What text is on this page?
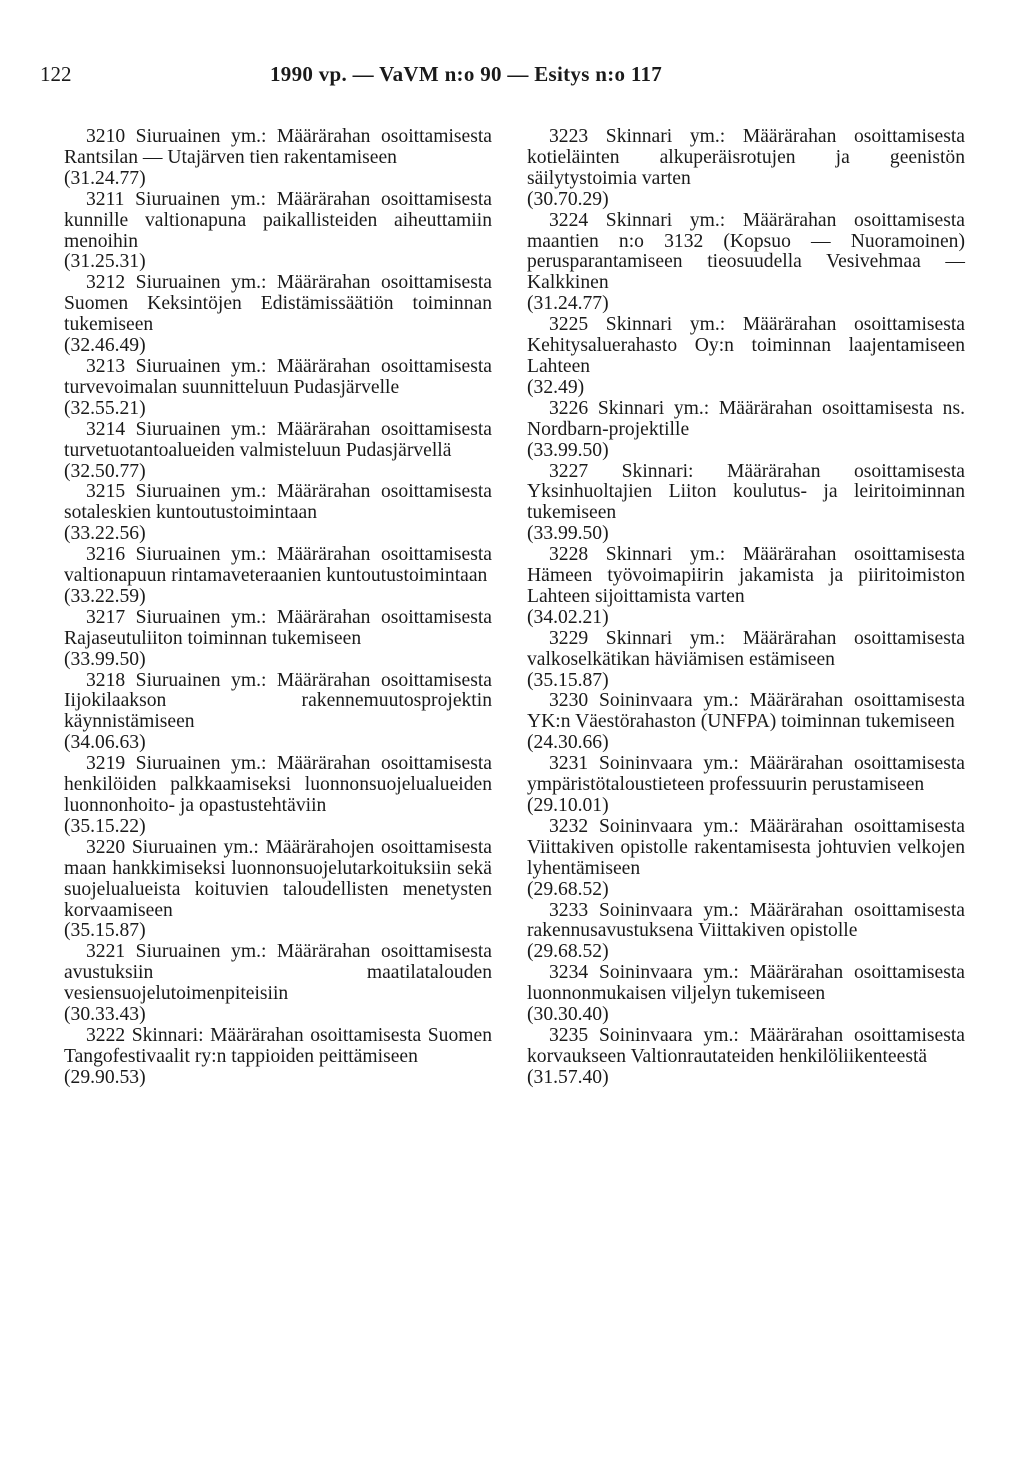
122	1990 vp. — VaVM n:o 90 — Esitys n:o 117
3210 Siuruainen ym.: Määrärahan osoittamisesta Rantsilan — Utajärven tien rakentamiseen
(31.24.77)
3211 Siuruainen ym.: Määrärahan osoittamisesta kunnille valtionapuna paikallisteiden aiheuttamiin menoihin
(31.25.31)
3212 Siuruainen ym.: Määrärahan osoittamisesta Suomen Keksintöjen Edistämissäätiön toiminnan tukemiseen
(32.46.49)
3213 Siuruainen ym.: Määrärahan osoittamisesta turvevoimalan suunnitteluun Pudasjärvelle
(32.55.21)
3214 Siuruainen ym.: Määrärahan osoittamisesta turvetuotantoalueiden valmisteluun Pudasjärvellä
(32.50.77)
3215 Siuruainen ym.: Määrärahan osoittamisesta sotaleskien kuntoutustoimintaan
(33.22.56)
3216 Siuruainen ym.: Määrärahan osoittamisesta valtionapuun rintamaveteraanien kuntoutustoimintaan
(33.22.59)
3217 Siuruainen ym.: Määrärahan osoittamisesta Rajaseutuliiton toiminnan tukemiseen
(33.99.50)
3218 Siuruainen ym.: Määrärahan osoittamisesta Iijokilaakson rakennemuutosprojektin käynnistämiseen
(34.06.63)
3219 Siuruainen ym.: Määrärahan osoittamisesta henkilöiden palkkaamiseksi luonnonsuojelualueiden luonnonhoito- ja opastustehtäviin
(35.15.22)
3220 Siuruainen ym.: Määrärahojen osoittamisesta maan hankkimiseksi luonnonsuojelutarkoituksiin sekä suojelualueista koituvien taloudellisten menetysten korvaamiseen
(35.15.87)
3221 Siuruainen ym.: Määrärahan osoittamisesta avustuksiin maatilatalouden vesiensuojelutoimenpiteisiin
(30.33.43)
3222 Skinnari: Määrärahan osoittamisesta Suomen Tangofestivaalit ry:n tappioiden peittämiseen
(29.90.53)
3223 Skinnari ym.: Määrärahan osoittamisesta kotieläinten alkuperäisrotujen ja geenistön säilytystoimia varten
(30.70.29)
3224 Skinnari ym.: Määrärahan osoittamisesta maantien n:o 3132 (Kopsuo — Nuoramoinen) perusparantamiseen tieosuudella Vesivehmaa — Kalkkinen
(31.24.77)
3225 Skinnari ym.: Määrärahan osoittamisesta Kehitysaluerahasto Oy:n toiminnan laajentamiseen Lahteen
(32.49)
3226 Skinnari ym.: Määrärahan osoittamisesta ns. Nordbarn-projektille
(33.99.50)
3227 Skinnari: Määrärahan osoittamisesta Yksinhuoltajien Liiton koulutus- ja leiritoiminnan tukemiseen
(33.99.50)
3228 Skinnari ym.: Määrärahan osoittamisesta Hämeen työvoimapiirin jakamista ja piiritoimiston Lahteen sijoittamista varten
(34.02.21)
3229 Skinnari ym.: Määrärahan osoittamisesta valkoselkätikan häviämisen estämiseen
(35.15.87)
3230 Soininvaara ym.: Määrärahan osoittamisesta YK:n Väestörahaston (UNFPA) toiminnan tukemiseen
(24.30.66)
3231 Soininvaara ym.: Määrärahan osoittamisesta ympäristötaloustieteen professuurin perustamiseen
(29.10.01)
3232 Soininvaara ym.: Määrärahan osoittamisesta Viittakiven opistolle rakentamisesta johtuvien velkojen lyhentämiseen
(29.68.52)
3233 Soininvaara ym.: Määrärahan osoittamisesta rakennusavustuksena Viittakiven opistolle
(29.68.52)
3234 Soininvaara ym.: Määrärahan osoittamisesta luonnonmukaisen viljelyn tukemiseen
(30.30.40)
3235 Soininvaara ym.: Määrärahan osoittamisesta korvaukseen Valtionrautateiden henkilöliikenteestä
(31.57.40)
